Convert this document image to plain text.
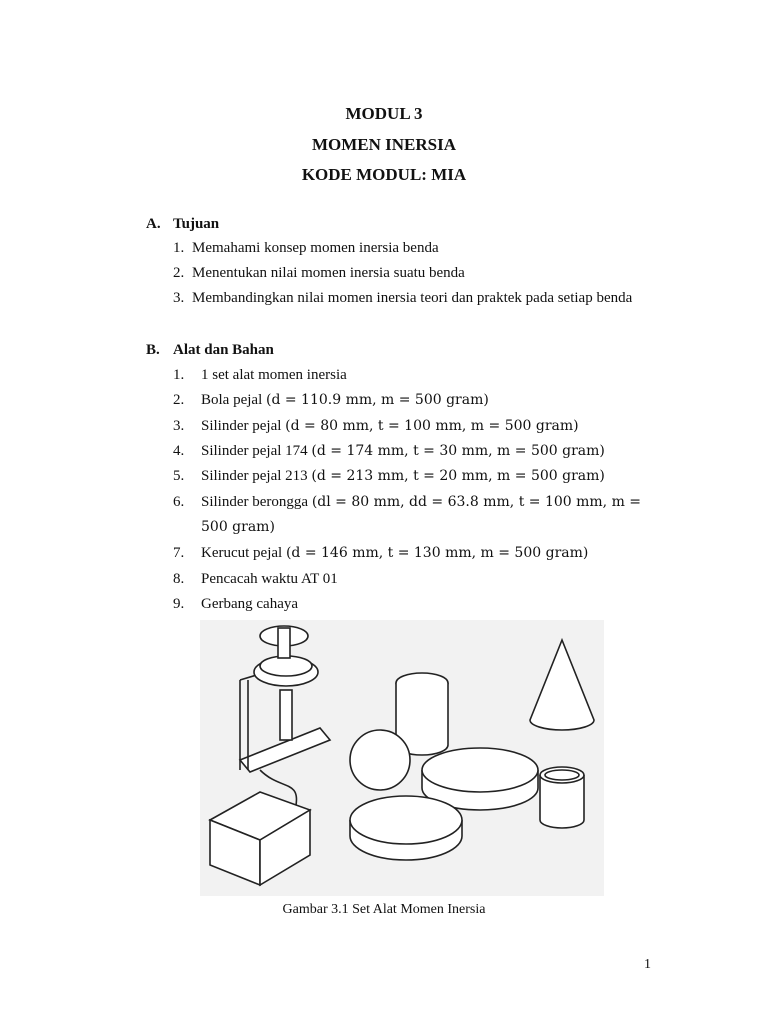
MODUL 3
MOMEN INERSIA
KODE MODUL: MIA
A. Tujuan
1. Memahami konsep momen inersia benda
2. Menentukan nilai momen inersia suatu benda
3. Membandingkan nilai momen inersia teori dan praktek pada setiap benda
B. Alat dan Bahan
1. 1 set alat momen inersia
2. Bola pejal (d = 110.9 mm, m = 500 gram)
3. Silinder pejal (d = 80 mm, t = 100 mm, m = 500 gram)
4. Silinder pejal 174 (d = 174 mm, t = 30 mm, m = 500 gram)
5. Silinder pejal 213 (d = 213 mm, t = 20 mm, m = 500 gram)
6. Silinder berongga (dl = 80 mm, dd = 63.8 mm, t = 100 mm, m =
500 gram)
7. Kerucut pejal (d = 146 mm, t = 130 mm, m = 500 gram)
8. Pencacah waktu AT 01
9. Gerbang cahaya
Gambar 3.1 Set Alat Momen Inersia
1
